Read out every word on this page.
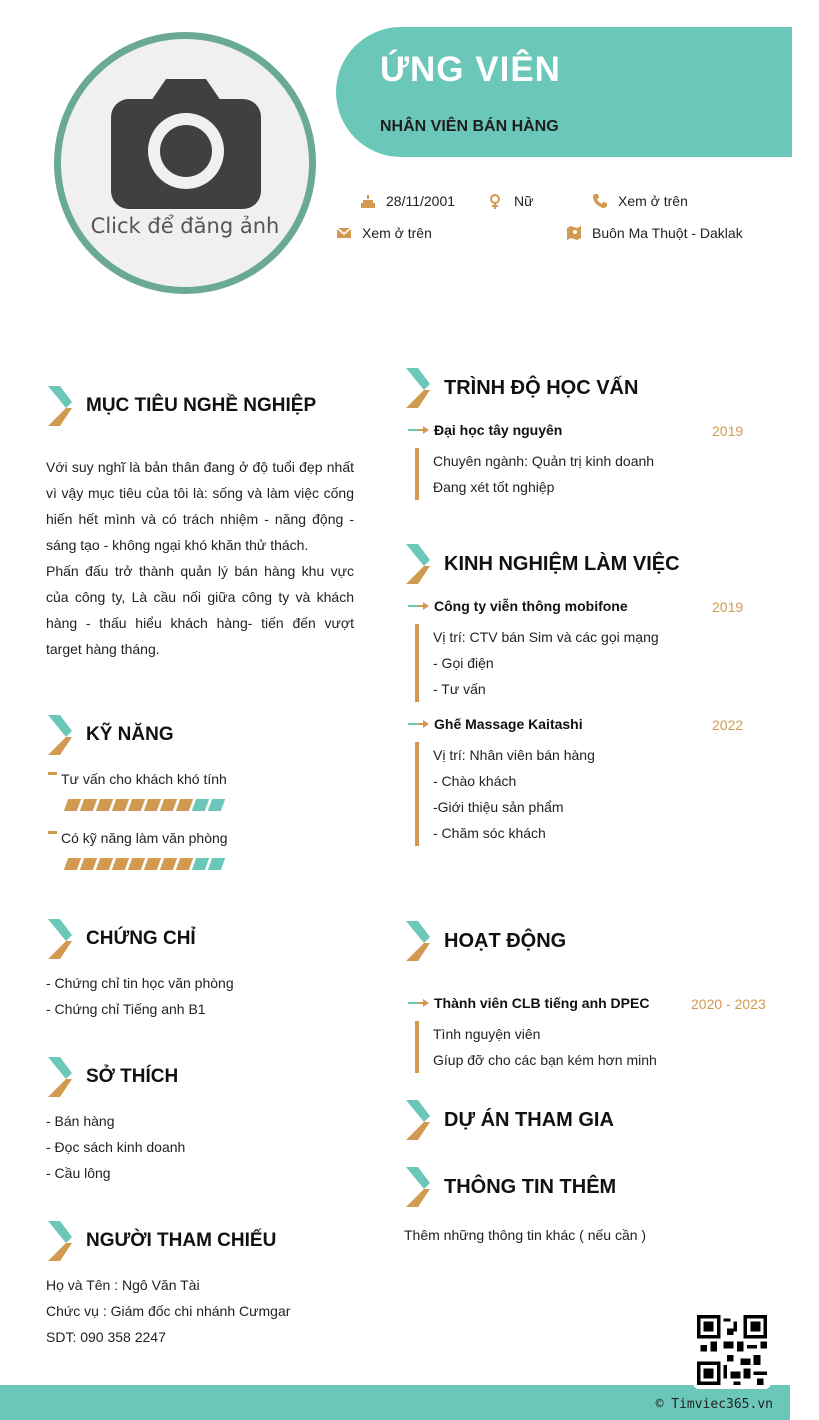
Click để đăng ảnh
ỨNG VIÊN
NHÂN VIÊN BÁN HÀNG
28/11/2001	Nữ	Xem ở trên
Xem ở trên	Buôn Ma Thuột - Daklak
MỤC TIÊU NGHỀ NGHIỆP
Với suy nghĩ là bản thân đang ở độ tuổi đẹp nhất vì vậy mục tiêu của tôi là: sống và làm việc cống hiến hết mình và có trách nhiệm - năng động - sáng tạo - không ngại khó khăn thử thách.
Phấn đấu trở thành quản lý bán hàng khu vực của công ty, Là cầu nối giữa công ty và khách hàng - thấu hiểu khách hàng- tiến đến vượt target hàng tháng.
KỸ NĂNG
Tư vấn cho khách khó tính
Có kỹ năng làm văn phòng
CHỨNG CHỈ
- Chứng chỉ tin học văn phòng
- Chứng chỉ Tiếng anh B1
SỞ THÍCH
- Bán hàng
- Đọc sách kinh doanh
- Cầu lông
NGƯỜI THAM CHIẾU
Họ và Tên : Ngô Văn Tài
Chức vụ : Giám đốc chi nhánh Cưmgar
SDT: 090 358 2247
TRÌNH ĐỘ HỌC VẤN
Đại học tây nguyên	2019
Chuyên ngành: Quản trị kinh doanh
Đang xét tốt nghiệp
KINH NGHIỆM LÀM VIỆC
Công ty viễn thông mobifone	2019
Vị trí: CTV bán Sim và các gọi mạng
- Gọi điện
- Tư vấn
Ghế Massage Kaitashi	2022
Vị trí: Nhân viên bán hàng
- Chào khách
-Giới thiệu sản phẩm
- Chăm sóc khách
HOẠT ĐỘNG
Thành viên CLB tiếng anh DPEC	2020 - 2023
Tình nguyện viên
Gíup đỡ cho các bạn kém hơn minh
DỰ ÁN THAM GIA
THÔNG TIN THÊM
Thêm những thông tin khác ( nếu cần )
© Timviec365.vn
